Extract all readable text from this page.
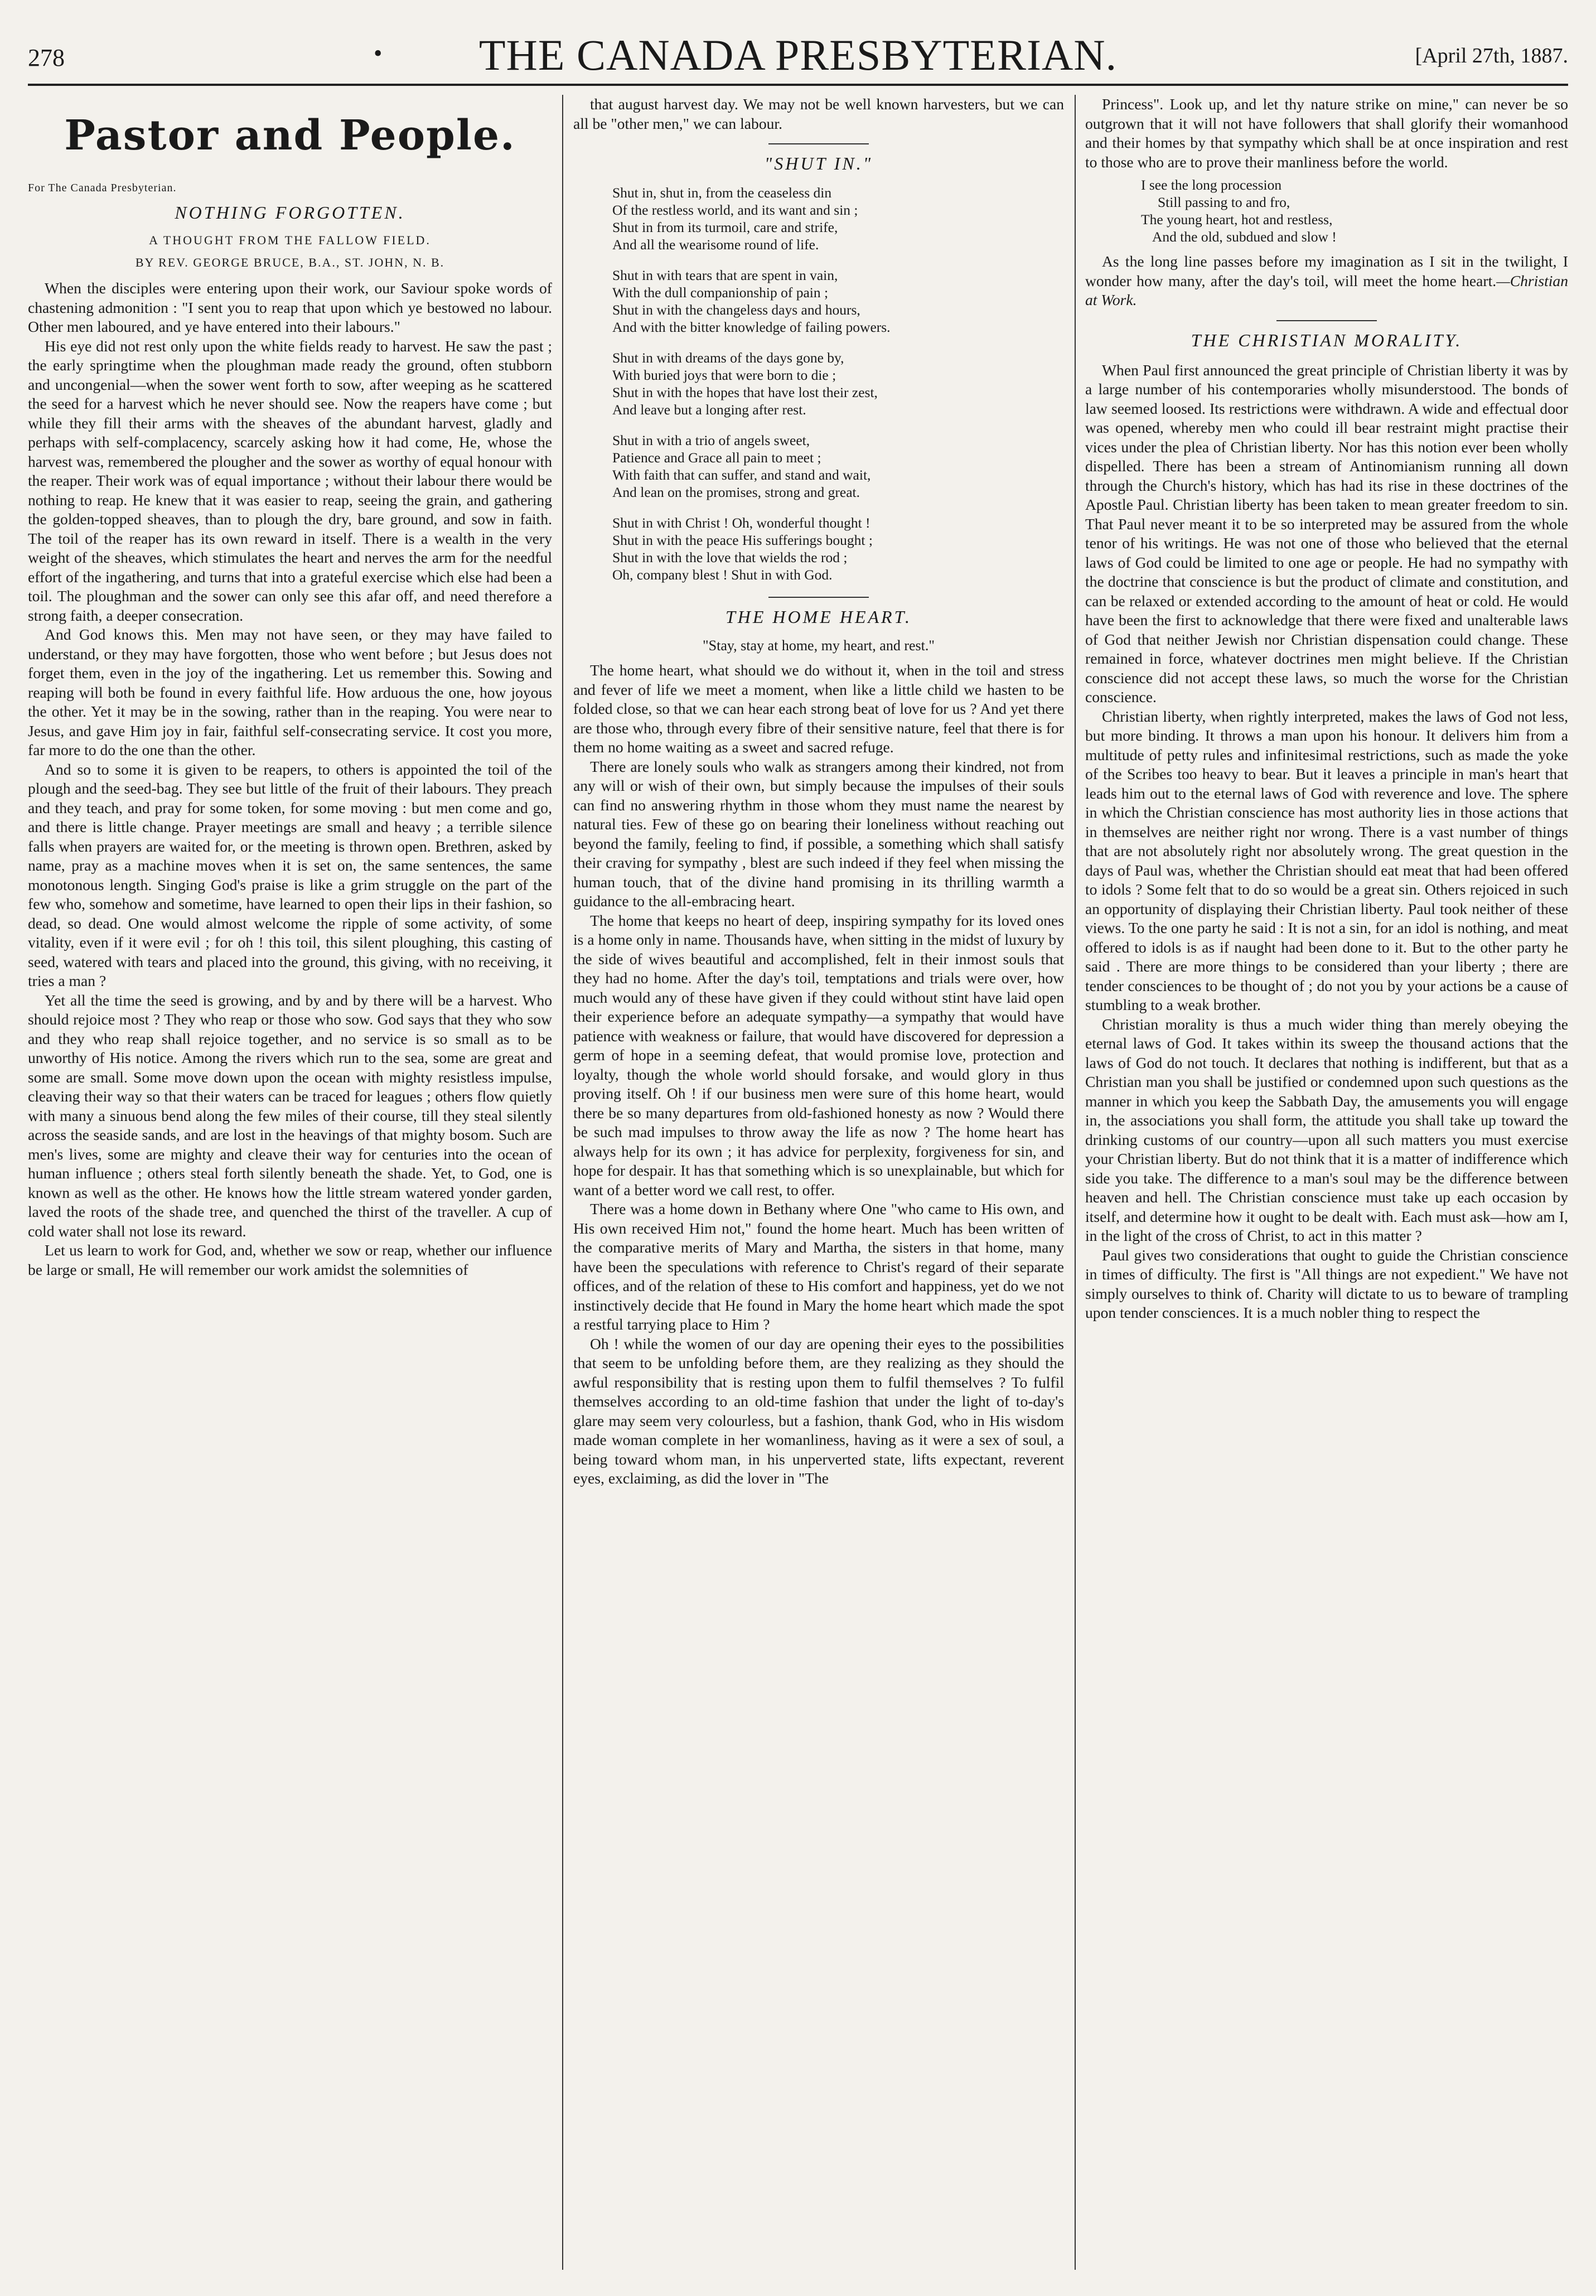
278	•	THE CANADA PRESBYTERIAN.	[April 27th, 1887.
Pastor and People.
For The Canada Presbyterian.
NOTHING FORGOTTEN.
A THOUGHT FROM THE FALLOW FIELD.
BY REV. GEORGE BRUCE, B.A., ST. JOHN, N. B.

When the disciples were entering upon their work, our Saviour spoke words of chastening admonition : "I sent you to reap that upon which ye bestowed no labour. Other men laboured, and ye have entered into their labours."

His eye did not rest only upon the white fields ready to harvest. He saw the past ; the early springtime when the ploughman made ready the ground, often stubborn and uncongenial—when the sower went forth to sow, after weeping as he scattered the seed for a harvest which he never should see. Now the reapers have come ; but while they fill their arms with the sheaves of the abundant harvest, gladly and perhaps with self-complacency, scarcely asking how it had come, He, whose the harvest was, remembered the plougher and the sower as worthy of equal honour with the reaper. Their work was of equal importance ; without their labour there would be nothing to reap. He knew that it was easier to reap, seeing the grain, and gathering the golden-topped sheaves, than to plough the dry, bare ground, and sow in faith. The toil of the reaper has its own reward in itself. There is a wealth in the very weight of the sheaves, which stimulates the heart and nerves the arm for the needful effort of the ingathering, and turns that into a grateful exercise which else had been a toil. The ploughman and the sower can only see this afar off, and need therefore a strong faith, a deeper consecration.

And God knows this. Men may not have seen, or they may have failed to understand, or they may have forgotten, those who went before ; but Jesus does not forget them, even in the joy of the ingathering. Let us remember this. Sowing and reaping will both be found in every faithful life. How arduous the one, how joyous the other. Yet it may be in the sowing, rather than in the reaping. You were near to Jesus, and gave Him joy in fair, faithful self-consecrating service. It cost you more, far more to do the one than the other.

And so to some it is given to be reapers, to others is appointed the toil of the plough and the seed-bag. They see but little of the fruit of their labours. They preach and they teach, and pray for some token, for some moving : but men come and go, and there is little change. Prayer meetings are small and heavy ; a terrible silence falls when prayers are waited for, or the meeting is thrown open. Brethren, asked by name, pray as a machine moves when it is set on, the same sentences, the same monotonous length. Singing God's praise is like a grim struggle on the part of the few who, somehow and sometime, have learned to open their lips in their fashion, so dead, so dead. One would almost welcome the ripple of some activity, of some vitality, even if it were evil ; for oh ! this toil, this silent ploughing, this casting of seed, watered with tears and placed into the ground, this giving, with no receiving, it tries a man ?

Yet all the time the seed is growing, and by and by there will be a harvest. Who should rejoice most ? They who reap or those who sow. God says that they who sow and they who reap shall rejoice together, and no service is so small as to be unworthy of His notice. Among the rivers which run to the sea, some are great and some are small. Some move down upon the ocean with mighty resistless impulse, cleaving their way so that their waters can be traced for leagues ; others flow quietly with many a sinuous bend along the few miles of their course, till they steal silently across the seaside sands, and are lost in the heavings of that mighty bosom. Such are men's lives, some are mighty and cleave their way for centuries into the ocean of human influence ; others steal forth silently beneath the shade. Yet, to God, one is known as well as the other. He knows how the little stream watered yonder garden, laved the roots of the shade tree, and quenched the thirst of the traveller. A cup of cold water shall not lose its reward.

Let us learn to work for God, and, whether we sow or reap, whether our influence be large or small, He will remember our work amidst the solemnities of

that august harvest day. We may not be well known harvesters, but we can all be "other men," we can labour.

"SHUT IN."
Shut in, shut in, from the ceaseless din
Of the restless world, and its want and sin ;
Shut in from its turmoil, care and strife,
And all the wearisome round of life.
Shut in with tears that are spent in vain,
With the dull companionship of pain ;
Shut in with the changeless days and hours,
And with the bitter knowledge of failing powers.
Shut in with dreams of the days gone by,
With buried joys that were born to die ;
Shut in with the hopes that have lost their zest,
And leave but a longing after rest.
Shut in with a trio of angels sweet,
Patience and Grace all pain to meet ;
With faith that can suffer, and stand and wait,
And lean on the promises, strong and great.
Shut in with Christ ! Oh, wonderful thought !
Shut in with the peace His sufferings bought ;
Shut in with the love that wields the rod ;
Oh, company blest ! Shut in with God.
THE HOME HEART.
"Stay, stay at home, my heart, and rest."

The home heart, what should we do without it, when in the toil and stress and fever of life we meet a moment, when like a little child we hasten to be folded close, so that we can hear each strong beat of love for us ? And yet there are those who, through every fibre of their sensitive nature, feel that there is for them no home waiting as a sweet and sacred refuge.

There are lonely souls who walk as strangers among their kindred, not from any will or wish of their own, but simply because the impulses of their souls can find no answering rhythm in those whom they must name the nearest by natural ties. Few of these go on bearing their loneliness without reaching out beyond the family, feeling to find, if possible, a something which shall satisfy their craving for sympathy , blest are such indeed if they feel when missing the human touch, that of the divine hand promising in its thrilling warmth a guidance to the all-embracing heart.

The home that keeps no heart of deep, inspiring sympathy for its loved ones is a home only in name. Thousands have, when sitting in the midst of luxury by the side of wives beautiful and accomplished, felt in their inmost souls that they had no home. After the day's toil, temptations and trials were over, how much would any of these have given if they could without stint have laid open their experience before an adequate sympathy—a sympathy that would have patience with weakness or failure, that would have discovered for depression a germ of hope in a seeming defeat, that would promise love, protection and loyalty, though the whole world should forsake, and would glory in thus proving itself. Oh ! if our business men were sure of this home heart, would there be so many departures from old-fashioned honesty as now ? Would there be such mad impulses to throw away the life as now ? The home heart has always help for its own ; it has advice for perplexity, forgiveness for sin, and hope for despair. It has that something which is so unexplainable, but which for want of a better word we call rest, to offer.

There was a home down in Bethany where One "who came to His own, and His own received Him not," found the home heart. Much has been written of the comparative merits of Mary and Martha, the sisters in that home, many have been the speculations with reference to Christ's regard of their separate offices, and of the relation of these to His comfort and happiness, yet do we not instinctively decide that He found in Mary the home heart which made the spot a restful tarrying place to Him ?

Oh ! while the women of our day are opening their eyes to the possibilities that seem to be unfolding before them, are they realizing as they should the awful responsibility that is resting upon them to fulfil themselves ? To fulfil themselves according to an old-time fashion that under the light of to-day's glare may seem very colourless, but a fashion, thank God, who in His wisdom made woman complete in her womanliness, having as it were a sex of soul, a being toward whom man, in his unperverted state, lifts expectant, reverent eyes, exclaiming, as did the lover in "The

Princess". Look up, and let thy nature strike on mine," can never be so outgrown that it will not have followers that shall glorify their womanhood and their homes by that sympathy which shall be at once inspiration and rest to those who are to prove their manliness before the world.

I see the long procession
Still passing to and fro,
The young heart, hot and restless,
And the old, subdued and slow !

As the long line passes before my imagination as I sit in the twilight, I wonder how many, after the day's toil, will meet the home heart.—Christian at Work.

THE CHRISTIAN MORALITY.

When Paul first announced the great principle of Christian liberty it was by a large number of his contemporaries wholly misunderstood. The bonds of law seemed loosed. Its restrictions were withdrawn. A wide and effectual door was opened, whereby men who could ill bear restraint might practise their vices under the plea of Christian liberty. Nor has this notion ever been wholly dispelled. There has been a stream of Antinomianism running all down through the Church's history, which has had its rise in these doctrines of the Apostle Paul. Christian liberty has been taken to mean greater freedom to sin. That Paul never meant it to be so interpreted may be assured from the whole tenor of his writings. He was not one of those who believed that the eternal laws of God could be limited to one age or people. He had no sympathy with the doctrine that conscience is but the product of climate and constitution, and can be relaxed or extended according to the amount of heat or cold. He would have been the first to acknowledge that there were fixed and unalterable laws of God that neither Jewish nor Christian dispensation could change. These remained in force, whatever doctrines men might believe. If the Christian conscience did not accept these laws, so much the worse for the Christian conscience.

Christian liberty, when rightly interpreted, makes the laws of God not less, but more binding. It throws a man upon his honour. It delivers him from a multitude of petty rules and infinitesimal restrictions, such as made the yoke of the Scribes too heavy to bear. But it leaves a principle in man's heart that leads him out to the eternal laws of God with reverence and love. The sphere in which the Christian conscience has most authority lies in those actions that in themselves are neither right nor wrong. There is a vast number of things that are not absolutely right nor absolutely wrong. The great question in the days of Paul was, whether the Christian should eat meat that had been offered to idols ? Some felt that to do so would be a great sin. Others rejoiced in such an opportunity of displaying their Christian liberty. Paul took neither of these views. To the one party he said : It is not a sin, for an idol is nothing, and meat offered to idols is as if naught had been done to it. But to the other party he said . There are more things to be considered than your liberty ; there are tender consciences to be thought of ; do not you by your actions be a cause of stumbling to a weak brother.

Christian morality is thus a much wider thing than merely obeying the eternal laws of God. It takes within its sweep the thousand actions that the laws of God do not touch. It declares that nothing is indifferent, but that as a Christian man you shall be justified or condemned upon such questions as the manner in which you keep the Sabbath Day, the amusements you will engage in, the associations you shall form, the attitude you shall take up toward the drinking customs of our country—upon all such matters you must exercise your Christian liberty. But do not think that it is a matter of indifference which side you take. The difference to a man's soul may be the difference between heaven and hell. The Christian conscience must take up each occasion by itself, and determine how it ought to be dealt with. Each must ask—how am I, in the light of the cross of Christ, to act in this matter ?

Paul gives two considerations that ought to guide the Christian conscience in times of difficulty. The first is "All things are not expedient." We have not simply ourselves to think of. Charity will dictate to us to beware of trampling upon tender consciences. It is a much nobler thing to respect the
